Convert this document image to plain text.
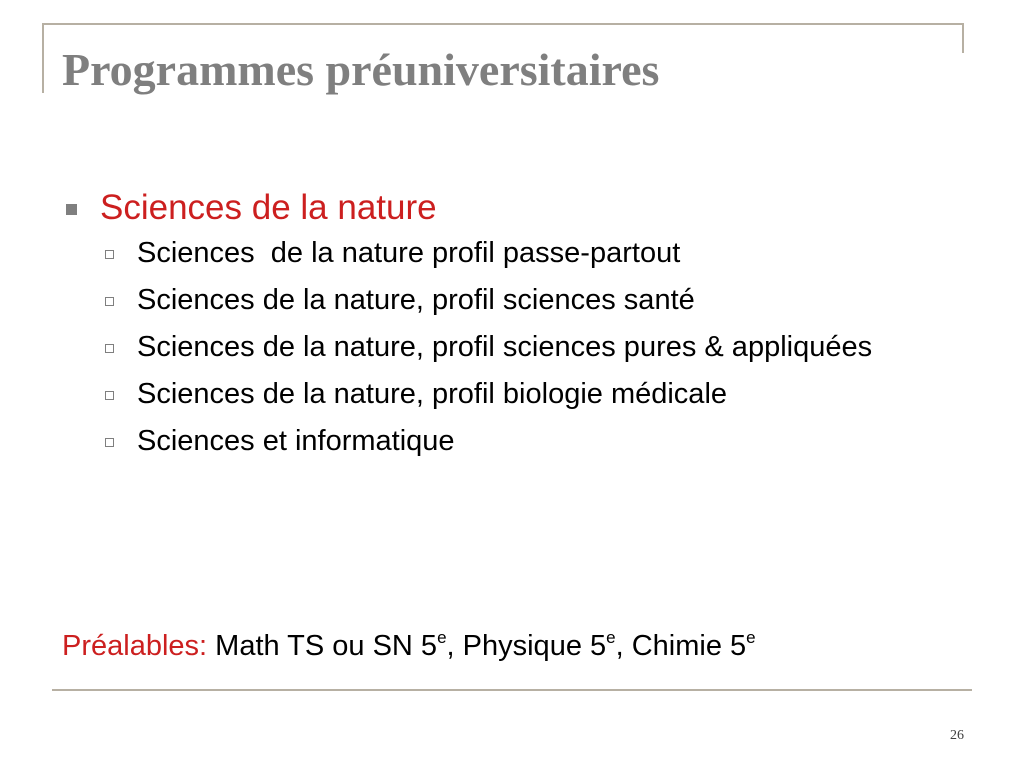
Programmes préuniversitaires
Sciences de la nature
Sciences  de la nature profil passe-partout
Sciences de la nature, profil sciences santé
Sciences de la nature, profil sciences pures & appliquées
Sciences de la nature, profil biologie médicale
Sciences et informatique
Préalables: Math TS ou SN 5e, Physique 5e, Chimie 5e
26
